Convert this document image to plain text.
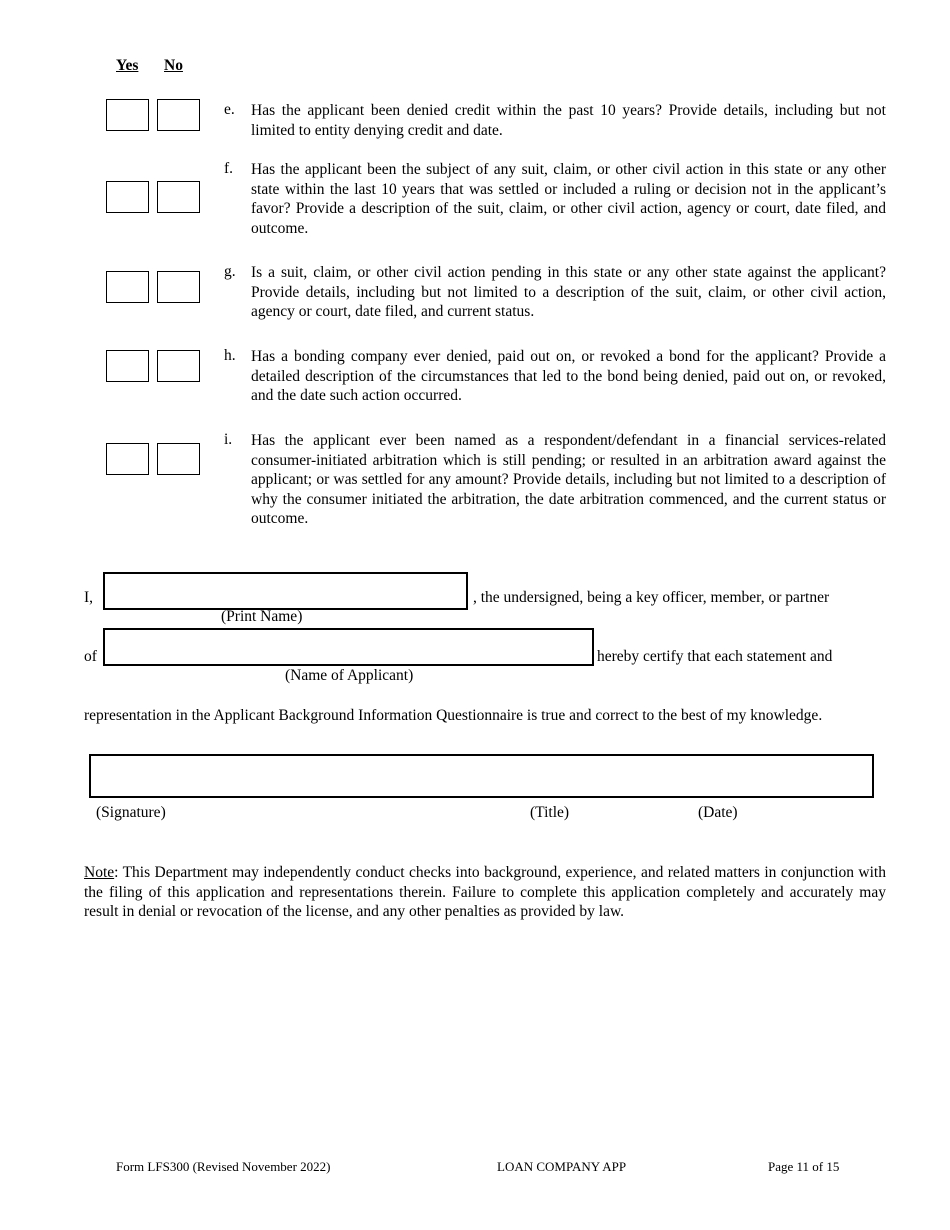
Yes No
e. Has the applicant been denied credit within the past 10 years? Provide details, including but not limited to entity denying credit and date.
f. Has the applicant been the subject of any suit, claim, or other civil action in this state or any other state within the last 10 years that was settled or included a ruling or decision not in the applicant’s favor? Provide a description of the suit, claim, or other civil action, agency or court, date filed, and outcome.
g. Is a suit, claim, or other civil action pending in this state or any other state against the applicant? Provide details, including but not limited to a description of the suit, claim, or other civil action, agency or court, date filed, and current status.
h. Has a bonding company ever denied, paid out on, or revoked a bond for the applicant? Provide a detailed description of the circumstances that led to the bond being denied, paid out on, or revoked, and the date such action occurred.
i. Has the applicant ever been named as a respondent/defendant in a financial services-related consumer-initiated arbitration which is still pending; or resulted in an arbitration award against the applicant; or was settled for any amount? Provide details, including but not limited to a description of why the consumer initiated the arbitration, the date arbitration commenced, and the current status or outcome.
I,	, the undersigned, being a key officer, member, or partner
(Print Name)
of	hereby certify that each statement and
(Name of Applicant)
representation in the Applicant Background Information Questionnaire is true and correct to the best of my knowledge.
(Signature)	(Title)	(Date)
Note: This Department may independently conduct checks into background, experience, and related matters in conjunction with the filing of this application and representations therein. Failure to complete this application completely and accurately may result in denial or revocation of the license, and any other penalties as provided by law.
Form LFS300 (Revised November 2022)	LOAN COMPANY APP	Page 11 of 15
